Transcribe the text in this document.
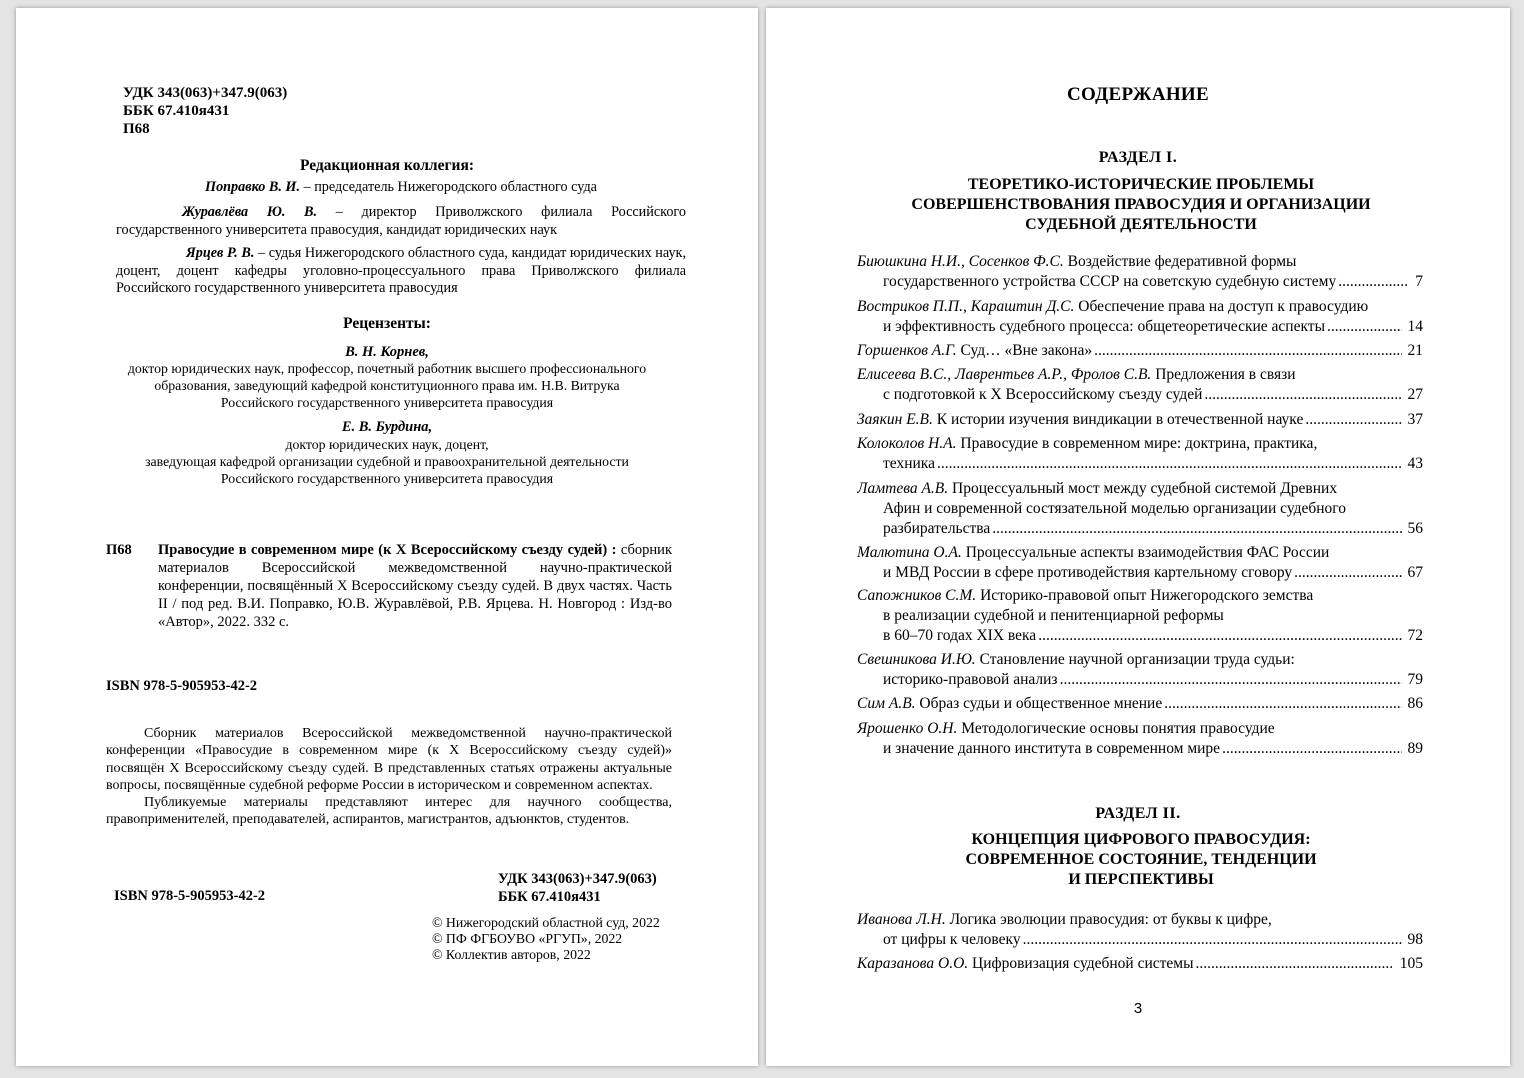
УДК 343(063)+347.9(063)
ББК 67.410я431
П68
Редакционная коллегия:
Поправко В. И. – председатель Нижегородского областного суда
Журавлёва Ю. В. – директор Приволжского филиала Российского государственного университета правосудия, кандидат юридических наук
Ярцев Р. В. – судья Нижегородского областного суда, кандидат юридических наук, доцент, доцент кафедры уголовно-процессуального права Приволжского филиала Российского государственного университета правосудия
Рецензенты:
В. Н. Корнев,
доктор юридических наук, профессор, почетный работник высшего профессионального
образования, заведующий кафедрой конституционного права им. Н.В. Витрука
Российского государственного университета правосудия
Е. В. Бурдина,
доктор юридических наук, доцент,
заведующая кафедрой организации судебной и правоохранительной деятельности
Российского государственного университета правосудия
П68 Правосудие в современном мире (к Х Всероссийскому съезду судей) : сборник материалов Всероссийской межведомственной научно-практической конференции, посвящённый Х Всероссийскому съезду судей. В двух частях. Часть II / под ред. В.И. Поправко, Ю.В. Журавлёвой, Р.В. Ярцева. Н. Новгород : Изд-во «Автор», 2022. 332 с.
ISBN 978-5-905953-42-2

Сборник материалов Всероссийской межведомственной научно-практической конференции «Правосудие в современном мире (к Х Всероссийскому съезду судей)» посвящён Х Всероссийскому съезду судей. В представленных статьях отражены актуальные вопросы, посвящённые судебной реформе России в историческом и современном аспектах.

Публикуемые материалы представляют интерес для научного сообщества, правоприменителей, преподавателей, аспирантов, магистрантов, адъюнктов, студентов.

УДК 343(063)+347.9(063)
ББК 67.410я431
ISBN 978-5-905953-42-2
© Нижегородский областной суд, 2022
© ПФ ФГБОУВО «РГУП», 2022
© Коллектив авторов, 2022
СОДЕРЖАНИЕ
РАЗДЕЛ I.
ТЕОРЕТИКО-ИСТОРИЧЕСКИЕ ПРОБЛЕМЫ
СОВЕРШЕНСТВОВАНИЯ ПРАВОСУДИЯ И ОРГАНИЗАЦИИ
СУДЕБНОЙ ДЕЯТЕЛЬНОСТИ
РАЗДЕЛ II.
КОНЦЕПЦИЯ ЦИФРОВОГО ПРАВОСУДИЯ:
СОВРЕМЕННОЕ СОСТОЯНИЕ, ТЕНДЕНЦИИ
И ПЕРСПЕКТИВЫ
3
Биюшкина Н.И., Сосенков Ф.С. Воздействие федеративной формы
государственного устройства СССР на советскую судебную систему .....	7
Востриков П.П., Караштин Д.С. Обеспечение права на доступ к правосудию
и эффективность судебного процесса: общетеоретические аспекты .....	14
Горшенков А.Г. Суд… «Вне закона» .....	21
Елисеева В.С., Лаврентьев А.Р., Фролов С.В. Предложения в связи
с подготовкой к X Всероссийскому съезду судей .....	27
Заякин Е.В. К истории изучения виндикации в отечественной науке .....	37
Колоколов Н.А. Правосудие в современном мире: доктрина, практика,
техника .....	43
Ламтева А.В. Процессуальный мост между судебной системой Древних
Афин и современной состязательной моделью организации судебного
разбирательства .....	56
Малютина О.А. Процессуальные аспекты взаимодействия ФАС России
и МВД России в сфере противодействия картельному сговору .....	67
Сапожников С.М. Историко-правовой опыт Нижегородского земства
в реализации судебной и пенитенциарной реформы
в 60–70 годах XIX века .....	72
Свешникова И.Ю. Становление научной организации труда судьи:
историко-правовой анализ .....	79
Сим А.В. Образ судьи и общественное мнение .....	86
Ярошенко О.Н. Методологические основы понятия правосудие
и значение данного института в современном мире .....	89
Иванова Л.Н. Логика эволюции правосудия: от буквы к цифре,
от цифры к человеку .....	98
Каразанова О.О. Цифровизация судебной системы .....	105
